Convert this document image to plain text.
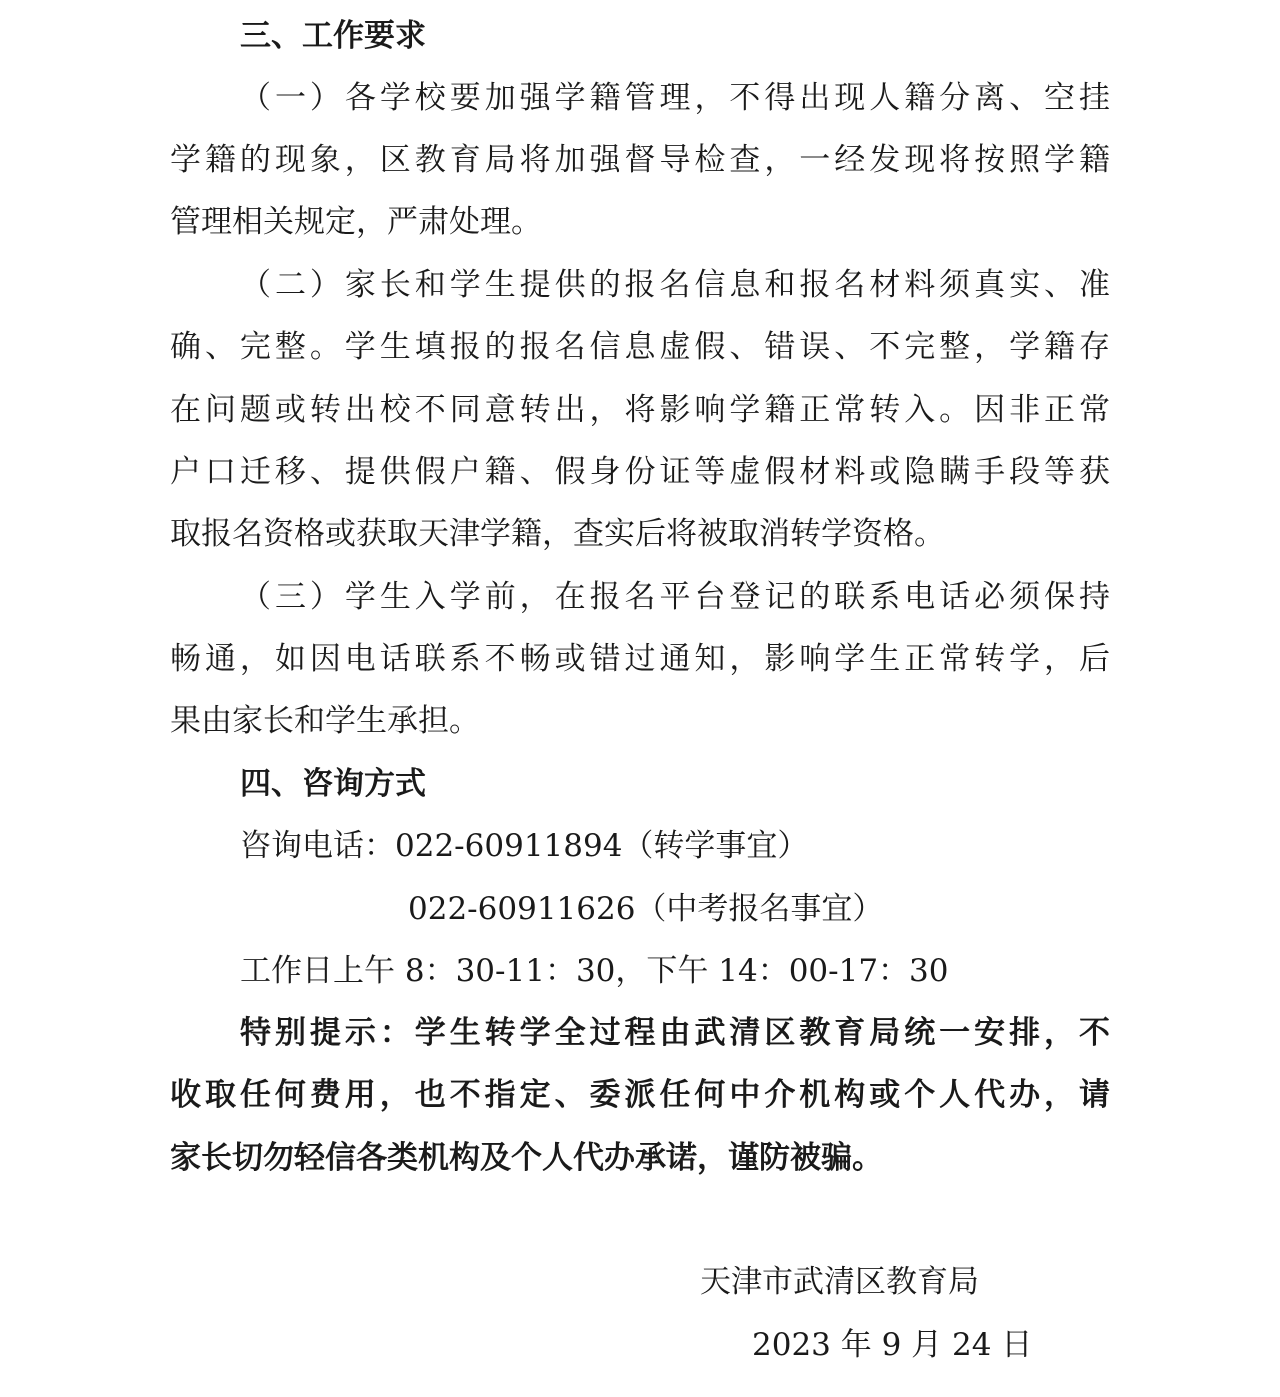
三、工作要求
（一）各学校要加强学籍管理，不得出现人籍分离、空挂
学籍的现象，区教育局将加强督导检查，一经发现将按照学籍
管理相关规定，严肃处理。
（二）家长和学生提供的报名信息和报名材料须真实、准
确、完整。学生填报的报名信息虚假、错误、不完整，学籍存
在问题或转出校不同意转出，将影响学籍正常转入。因非正常
户口迁移、提供假户籍、假身份证等虚假材料或隐瞒手段等获
取报名资格或获取天津学籍，查实后将被取消转学资格。
（三）学生入学前，在报名平台登记的联系电话必须保持
畅通，如因电话联系不畅或错过通知，影响学生正常转学，后
果由家长和学生承担。
四、咨询方式
咨询电话：022-60911894（转学事宜）
022-60911626（中考报名事宜）
工作日上午 8：30-11：30，下午 14：00-17：30
特别提示：学生转学全过程由武清区教育局统一安排，不
收取任何费用，也不指定、委派任何中介机构或个人代办，请
家长切勿轻信各类机构及个人代办承诺，谨防被骗。
天津市武清区教育局
2023 年 9 月 24 日
